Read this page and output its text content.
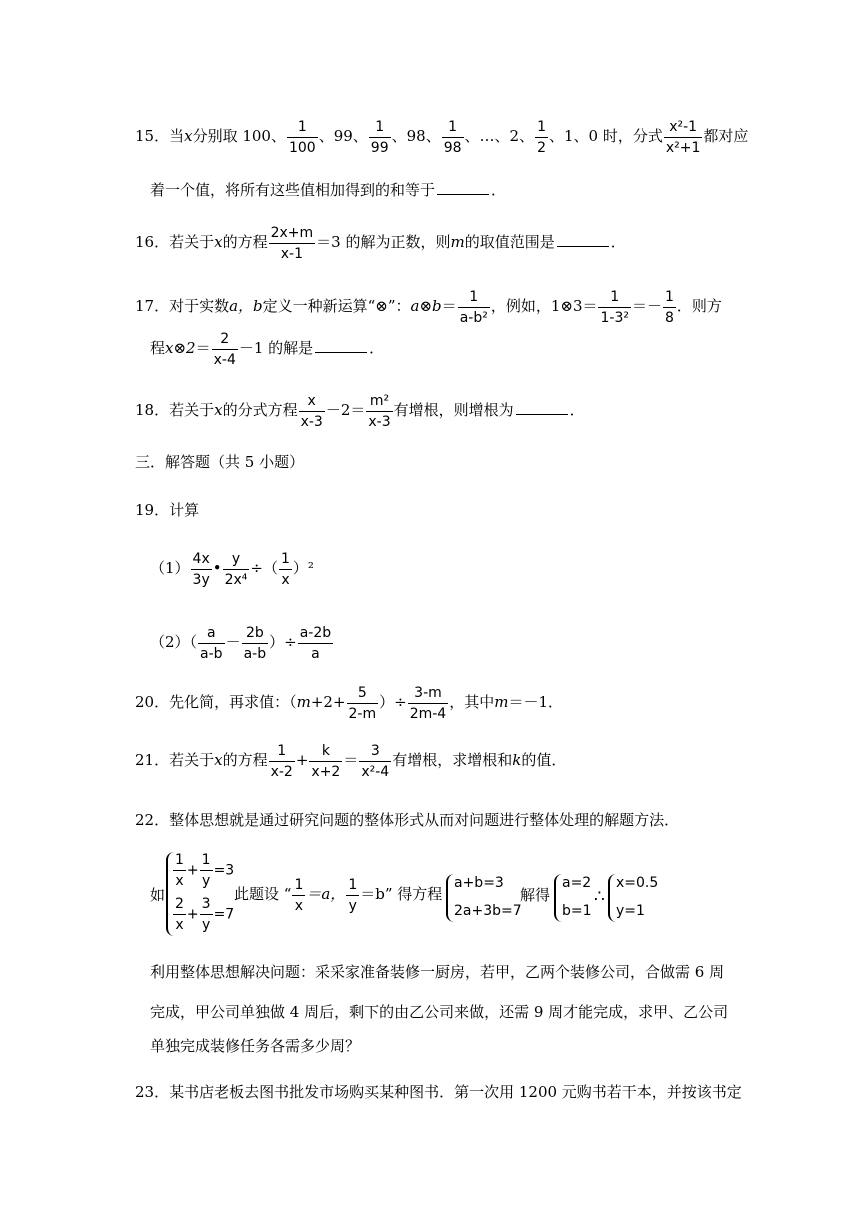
15．当x分别取 100、 $\frac{1}{100}$ 、99、 $\frac{1}{99}$ 、98、 $\frac{1}{98}$ 、…、2、 $\frac{1}{2}$ 、1、0 时，分式 $\frac{\text{x²-1}}{\text{x²+1}}$ 都对应
着一个值，将所有这些值相加得到的和等于	．
16．若关于x的方程 $\frac{2x+m}{x-1} =3$ 的解为正数，则m的取值范围是	．
17．对于实数a，b定义一种新运算“⊗”：a⊗b＝ $\frac{1}{\text{a-b²}}$ ，例如，1⊗3＝ $\frac{1}{\text{1-3²}} =- \frac{1}{8}$ ．则方
程x⊗2＝ $\frac{2}{x-4} -1$ 的解是	．
18．若关于x的分式方程 $\frac{x}{x-3} -2= \frac{\text{m²}}{x-3}$ 有增根，则增根为	．
三．解答题（共 5 小题）
19．计算
$(1) \frac{4x}{3y}$ • $\frac{y}{\text{2x⁴}}$ ÷（ $\frac{1}{x} )^2$
$(2)( \frac{a}{a-b} - \frac{2b}{a-b}$ ）÷ $\frac{a-2b}{a}$
20．先化简，再求值：（$m+2+ \frac{5}{2-m}$ ）÷ $\frac{3-m}{2m-4}$ ，其中m＝－1．
21．若关于x的方程 $\frac{1}{x-2} + \frac{k}{x+2} = \frac{3}{\text{x²-4}}$ 有增根，求增根和k的值．
22．整体思想就是通过研究问题的整体形式从而对问题进行整体处理的解题方法．
如
$\frac{1}{x} + \frac{1}{y} =3$
$\frac{2}{x} + \frac{3}{y} =7$
此题设 “ $\frac{1}{x} =a$， $\frac{1}{y} =b$” 得方程
a+b=3
2a+3b=7
解得
a=2
b=1
∴
x=0.5
y=1
利用整体思想解决问题：采采家准备装修一厨房，若甲，乙两个装修公司，合做需 6 周
完成，甲公司单独做 4 周后，剩下的由乙公司来做，还需 9 周才能完成，求甲、乙公司
单独完成装修任务各需多少周？
23．某书店老板去图书批发市场购买某种图书．第一次用 1200 元购书若干本，并按该书定
